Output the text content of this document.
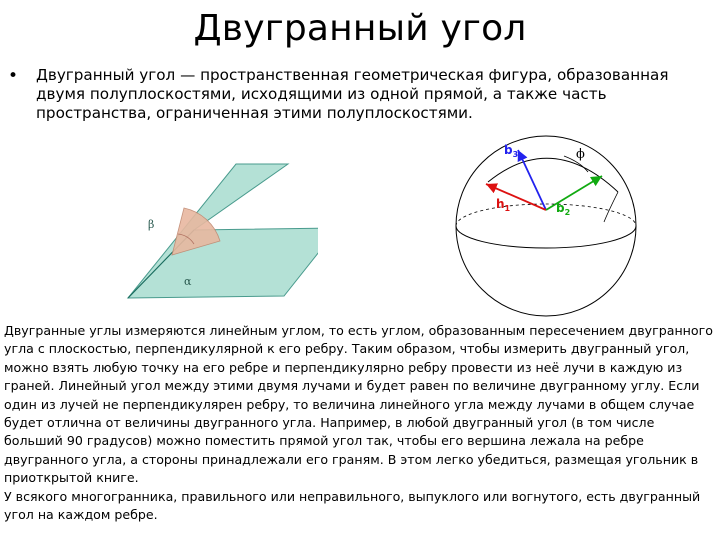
Двугранный угол
• Двугранный угол — пространственная геометрическая фигура, образованная двумя полуплоскостями, исходящими из одной прямой, а также часть пространства, ограниченная этими полуплоскостями.
β
α
$b_3$
$h_1$	$b_2$
ϕ
Двугранные углы измеряются линейным углом, то есть углом, образованным пересечением двугранного угла с плоскостью, перпендикулярной к его ребру. Таким образом, чтобы измерить двугранный угол, можно взять любую точку на его ребре и перпендикулярно ребру провести из неё лучи в каждую из граней. Линейный угол между этими двумя лучами и будет равен по величине двугранному углу. Если один из лучей не перпендикулярен ребру, то величина линейного угла между лучами в общем случае будет отлична от величины двугранного угла. Например, в любой двугранный угол (в том числе больший 90 градусов) можно поместить прямой угол так, чтобы его вершина лежала на ребре двугранного угла, а стороны принадлежали его граням. В этом легко убедиться, размещая угольник в приоткрытой книге.
У всякого многогранника, правильного или неправильного, выпуклого или вогнутого, есть двугранный угол на каждом ребре.
